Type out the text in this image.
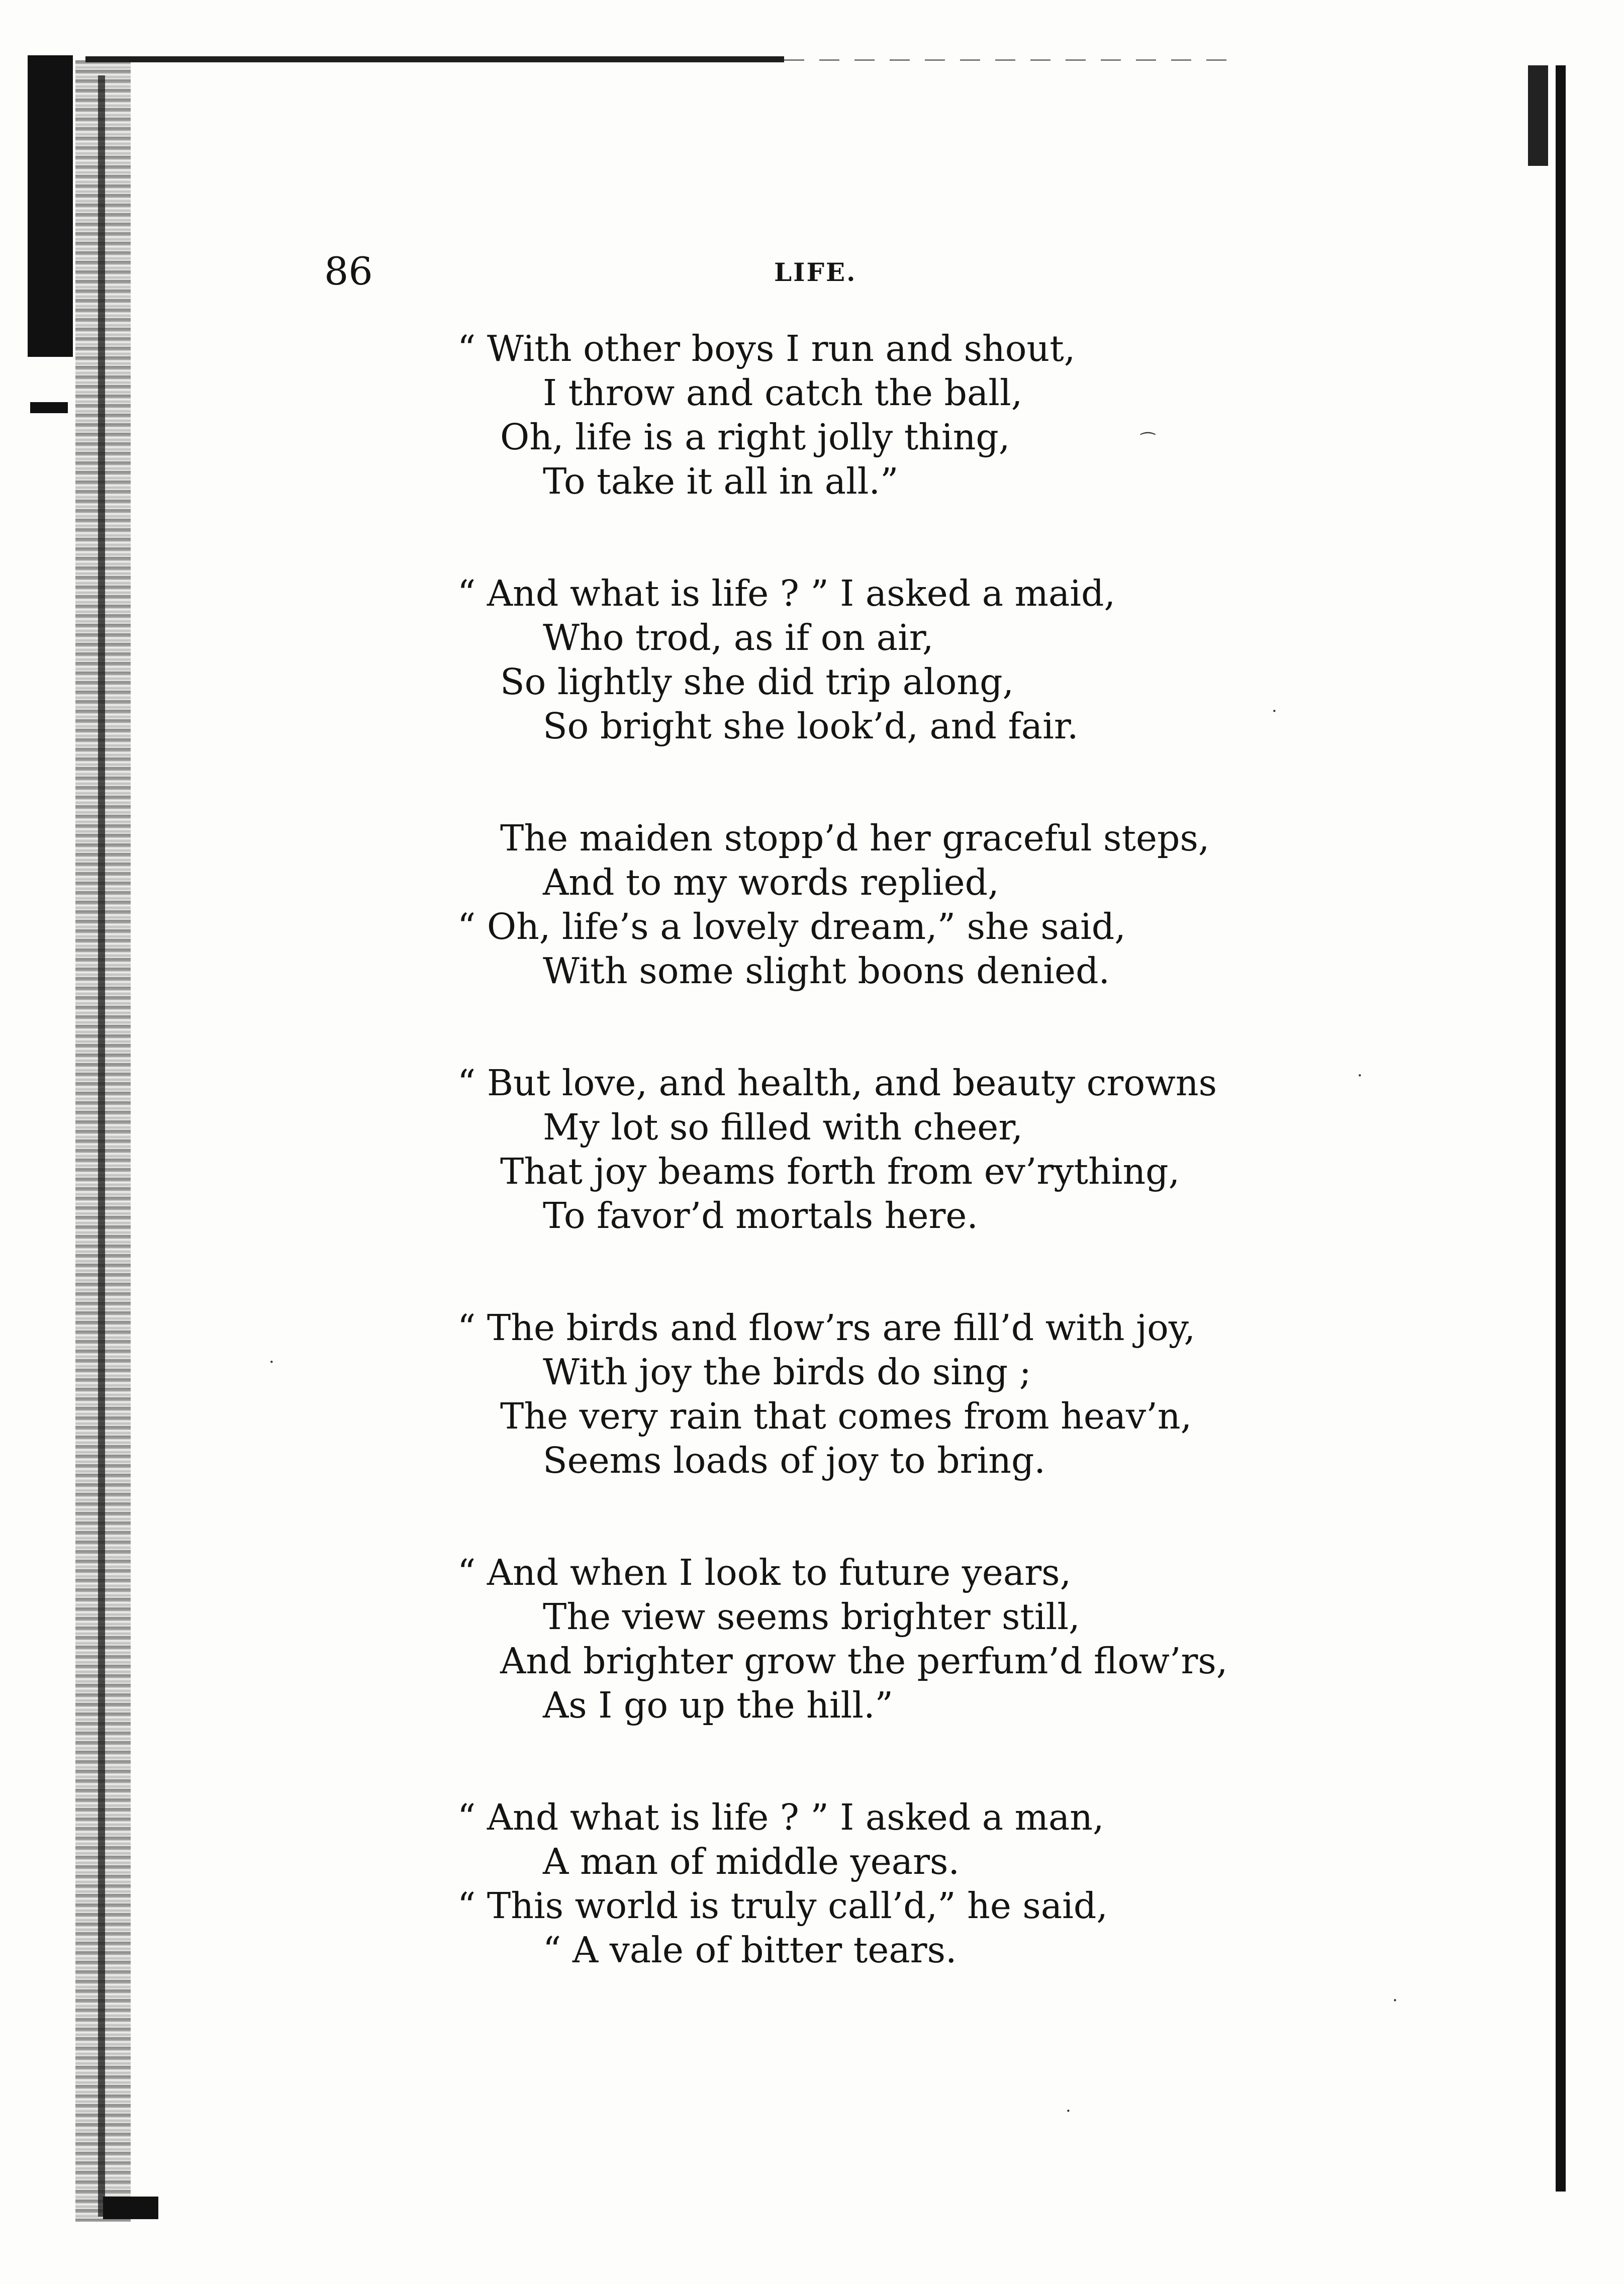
86	LIFE.
“ With other boys I run and shout,
I throw and catch the ball,
Oh, life is a right jolly thing,
To take it all in all.”
“ And what is life ? ” I asked a maid,
Who trod, as if on air,
So lightly she did trip along,
So bright she look’d, and fair.
The maiden stopp’d her graceful steps,
And to my words replied,
“ Oh, life’s a lovely dream,” she said,
With some slight boons denied.
“ But love, and health, and beauty crowns
My lot so filled with cheer,
That joy beams forth from ev’rything,
To favor’d mortals here.
“ The birds and flow’rs are fill’d with joy,
With joy the birds do sing ;
The very rain that comes from heav’n,
Seems loads of joy to bring.
“ And when I look to future years,
The view seems brighter still,
And brighter grow the perfum’d flow’rs,
As I go up the hill.”
“ And what is life ? ” I asked a man,
A man of middle years.
“ This world is truly call’d,” he said,
“ A vale of bitter tears.
⁀
·
·
·
·
·
